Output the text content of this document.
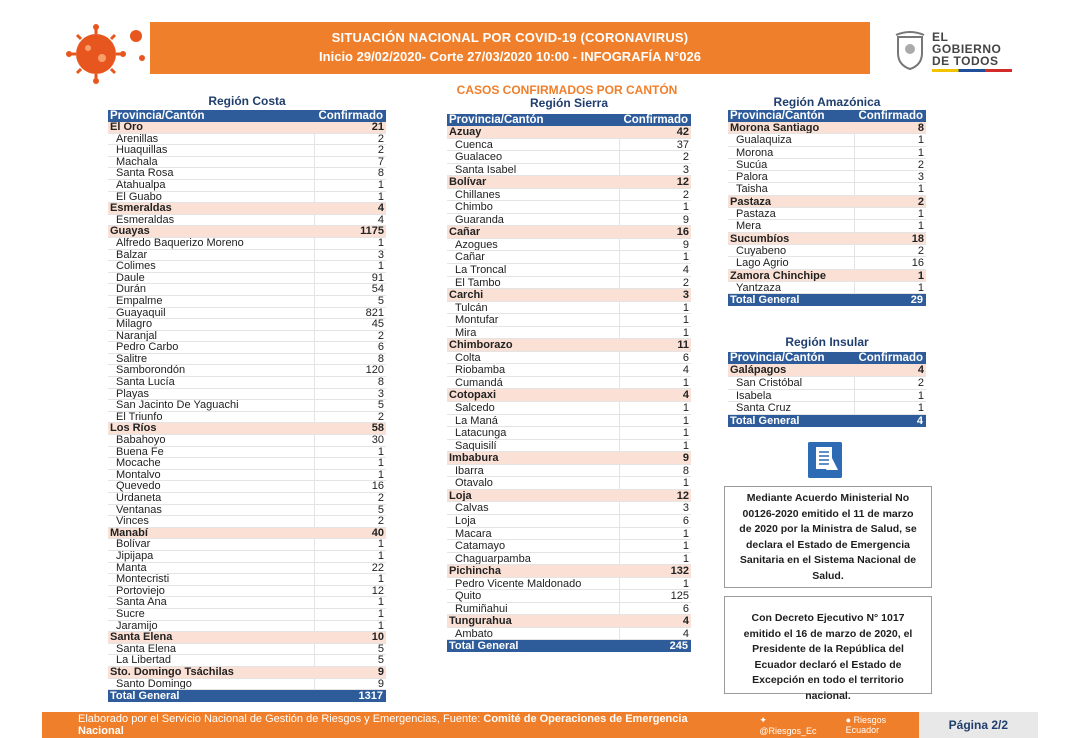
SITUACIÓN NACIONAL POR COVID-19 (CORONAVIRUS)
Inicio 29/02/2020- Corte 27/03/2020 10:00 - INFOGRAFÍA N°026
EL
GOBIERNO
DE TODOS
CASOS CONFIRMADOS POR CANTÓN
Región Costa	Región Sierra	Región Amazónica
Región Insular
Provincia/Cantón	Confirmado
El Oro	21
Arenillas	2
Huaquillas	2
Machala	7
Santa Rosa	8
Atahualpa	1
El Guabo	1
Esmeraldas	4
Esmeraldas	4
Guayas	1175
Alfredo Baquerizo Moreno	1
Balzar	3
Colimes	1
Daule	91
Durán	54
Empalme	5
Guayaquil	821
Milagro	45
Naranjal	2
Pedro Carbo	6
Salitre	8
Samborondón	120
Santa Lucía	8
Playas	3
San Jacinto De Yaguachi	5
El Triunfo	2
Los Ríos	58
Babahoyo	30
Buena Fe	1
Mocache	1
Montalvo	1
Quevedo	16
Urdaneta	2
Ventanas	5
Vinces	2
Manabí	40
Bolívar	1
Jipijapa	1
Manta	22
Montecristi	1
Portoviejo	12
Santa Ana	1
Sucre	1
Jaramijo	1
Santa Elena	10
Santa Elena	5
La Libertad	5
Sto. Domingo Tsáchilas	9
Santo Domingo	9
Total General	1317
Provincia/Cantón	Confirmado
Azuay	42
Cuenca	37
Gualaceo	2
Santa Isabel	3
Bolívar	12
Chillanes	2
Chimbo	1
Guaranda	9
Cañar	16
Azogues	9
Cañar	1
La Troncal	4
El Tambo	2
Carchi	3
Tulcán	1
Montufar	1
Mira	1
Chimborazo	11
Colta	6
Riobamba	4
Cumandá	1
Cotopaxi	4
Salcedo	1
La Maná	1
Latacunga	1
Saquisilí	1
Imbabura	9
Ibarra	8
Otavalo	1
Loja	12
Calvas	3
Loja	6
Macara	1
Catamayo	1
Chaguarpamba	1
Pichincha	132
Pedro Vicente Maldonado	1
Quito	125
Rumiñahui	6
Tungurahua	4
Ambato	4
Total General	245
Provincia/Cantón	Confirmado
Morona Santiago	8
Gualaquiza	1
Morona	1
Sucúa	2
Palora	3
Taisha	1
Pastaza	2
Pastaza	1
Mera	1
Sucumbíos	18
Cuyabeno	2
Lago Agrio	16
Zamora Chinchipe	1
Yantzaza	1
Total General	29
Provincia/Cantón	Confirmado
Galápagos	4
San Cristóbal	2
Isabela	1
Santa Cruz	1
Total General	4
Mediante Acuerdo Ministerial No 00126-2020 emitido el 11 de marzo de 2020 por la Ministra de Salud, se declara el Estado de Emergencia Sanitaria en el Sistema Nacional de Salud.
Con Decreto Ejecutivo N° 1017 emitido el 16 de marzo de 2020, el Presidente de la República del Ecuador declaró el Estado de Excepción en todo el territorio nacional.
Elaborado por el Servicio Nacional de Gestión de Riesgos y Emergencias, Fuente: Comité de Operaciones de Emergencia Nacional
✦ @Riesgos_Ec
● Riesgos Ecuador	Página 2/2
